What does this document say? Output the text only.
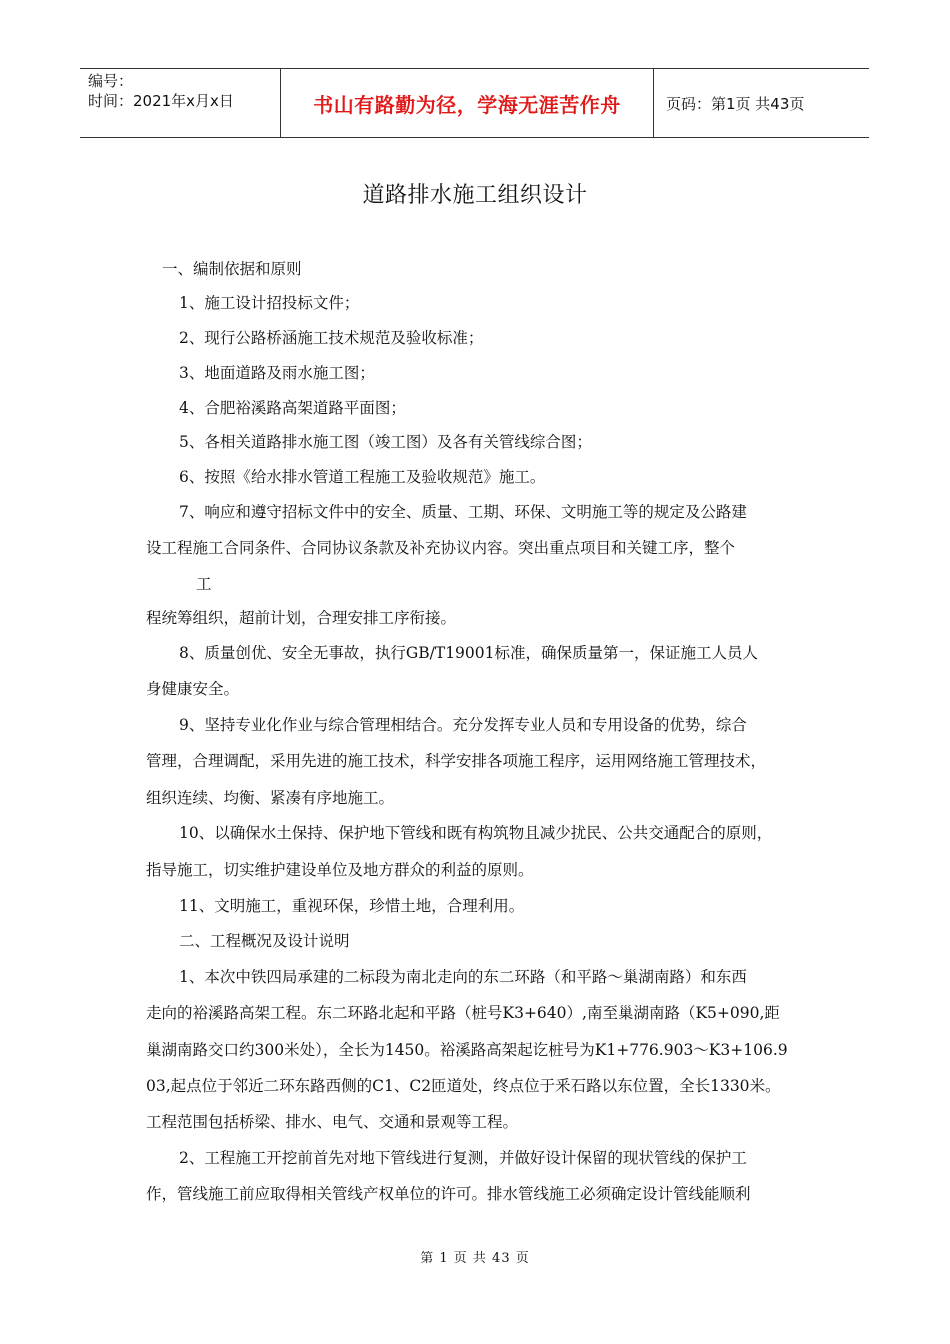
编号：
时间：2021年x月x日	书山有路勤为径，学海无涯苦作舟	页码：第1页 共43页
道路排水施工组织设计
一、编制依据和原则
1、施工设计招投标文件；
2、现行公路桥涵施工技术规范及验收标准；
3、地面道路及雨水施工图；
4、合肥裕溪路高架道路平面图；
5、各相关道路排水施工图（竣工图）及各有关管线综合图；
6、按照《给水排水管道工程施工及验收规范》施工。
7、响应和遵守招标文件中的安全、质量、工期、环保、文明施工等的规定及公路建
设工程施工合同条件、合同协议条款及补充协议内容。突出重点项目和关键工序，整个
工
程统筹组织，超前计划，合理安排工序衔接。
8、质量创优、安全无事故，执行GB/T19001标准，确保质量第一，保证施工人员人
身健康安全。
9、坚持专业化作业与综合管理相结合。充分发挥专业人员和专用设备的优势，综合
管理，合理调配，采用先进的施工技术，科学安排各项施工程序，运用网络施工管理技术，
组织连续、均衡、紧凑有序地施工。
10、以确保水土保持、保护地下管线和既有构筑物且减少扰民、公共交通配合的原则，
指导施工，切实维护建设单位及地方群众的利益的原则。
11、文明施工，重视环保，珍惜土地，合理利用。
二、工程概况及设计说明
1、本次中铁四局承建的二标段为南北走向的东二环路（和平路～巢湖南路）和东西
走向的裕溪路高架工程。东二环路北起和平路（桩号K3+640）,南至巢湖南路（K5+090,距
巢湖南路交口约300米处），全长为1450。裕溪路高架起讫桩号为K1+776.903～K3+106.9
03,起点位于邻近二环东路西侧的C1、C2匝道处，终点位于釆石路以东位置，全长1330米。
工程范围包括桥梁、排水、电气、交通和景观等工程。
2、工程施工开挖前首先对地下管线进行复测，并做好设计保留的现状管线的保护工
作，管线施工前应取得相关管线产权单位的许可。排水管线施工必须确定设计管线能顺利
第 1 页 共 43 页
